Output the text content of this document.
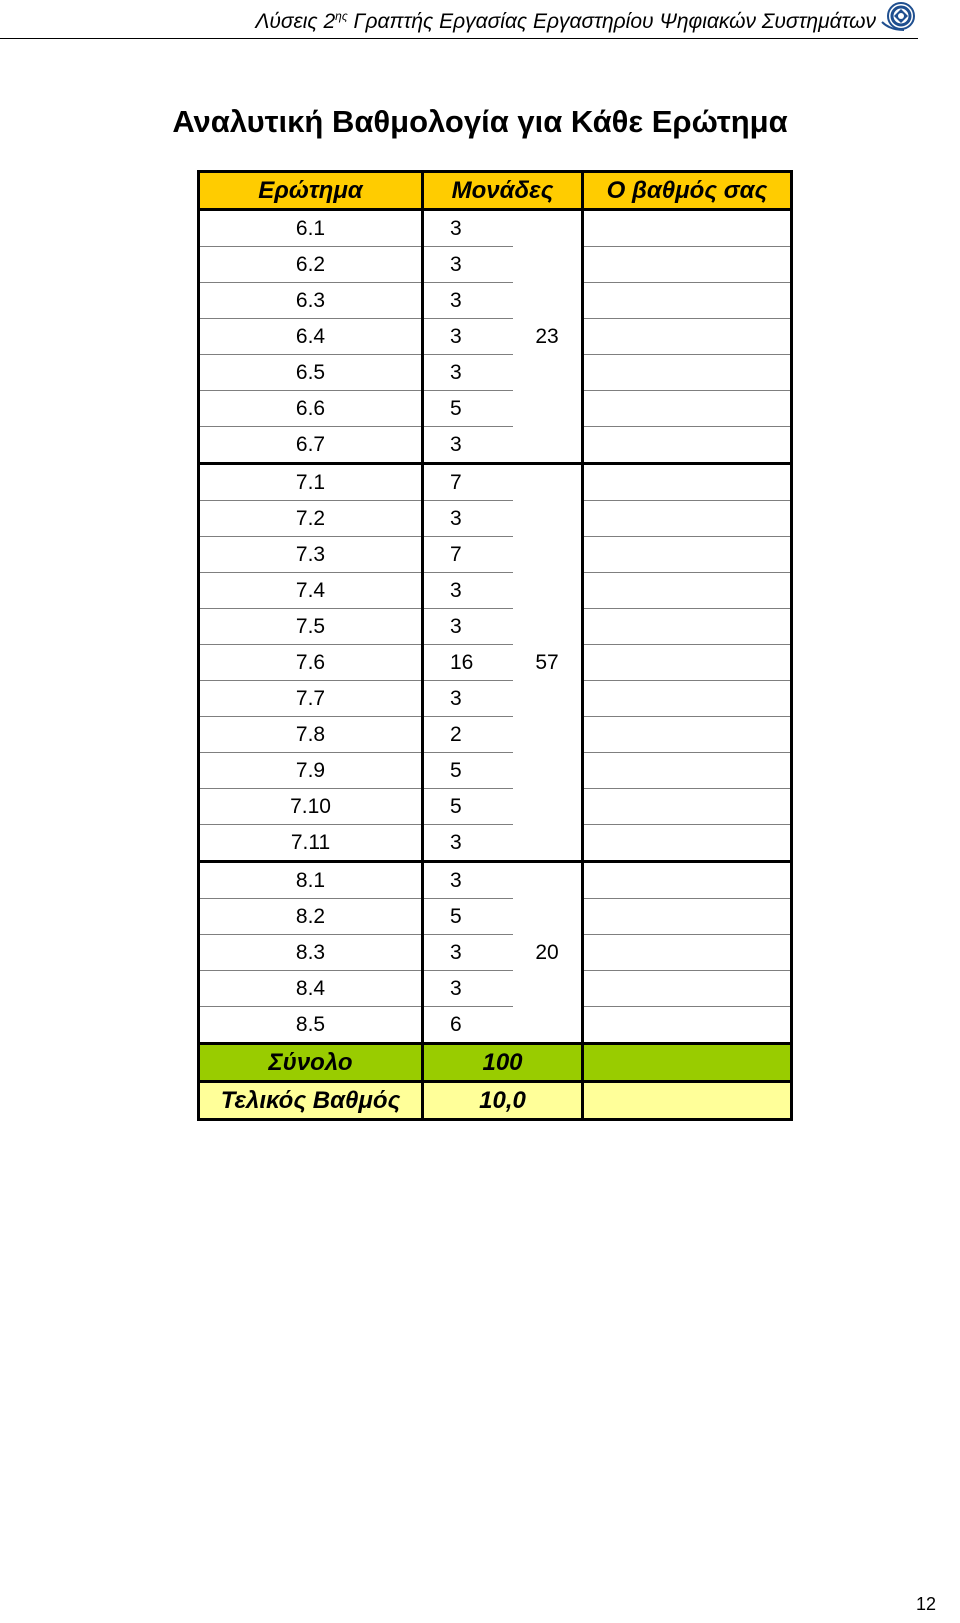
Λύσεις $2^{\eta\varsigma}$ Γραπτής Εργασίας Εργαστηρίου Ψηφιακών Συστημάτων
Αναλυτική Βαθμολογία για Κάθε Ερώτημα
Ερώτημα	Μονάδες		Ο βαθμός σας
6.1	3	23	
6.2	3		
6.3	3		
6.4	3		
6.5	3		
6.6	5		
6.7	3		
7.1	7	57	
7.2	3		
7.3	7		
7.4	3		
7.5	3		
7.6	16		
7.7	3		
7.8	2		
7.9	5		
7.10	5		
7.11	3		
8.1	3	20	
8.2	5		
8.3	3		
8.4	3		
8.5	6		
Σύνολο	100		
Τελικός Βαθμός	10,0		
12
